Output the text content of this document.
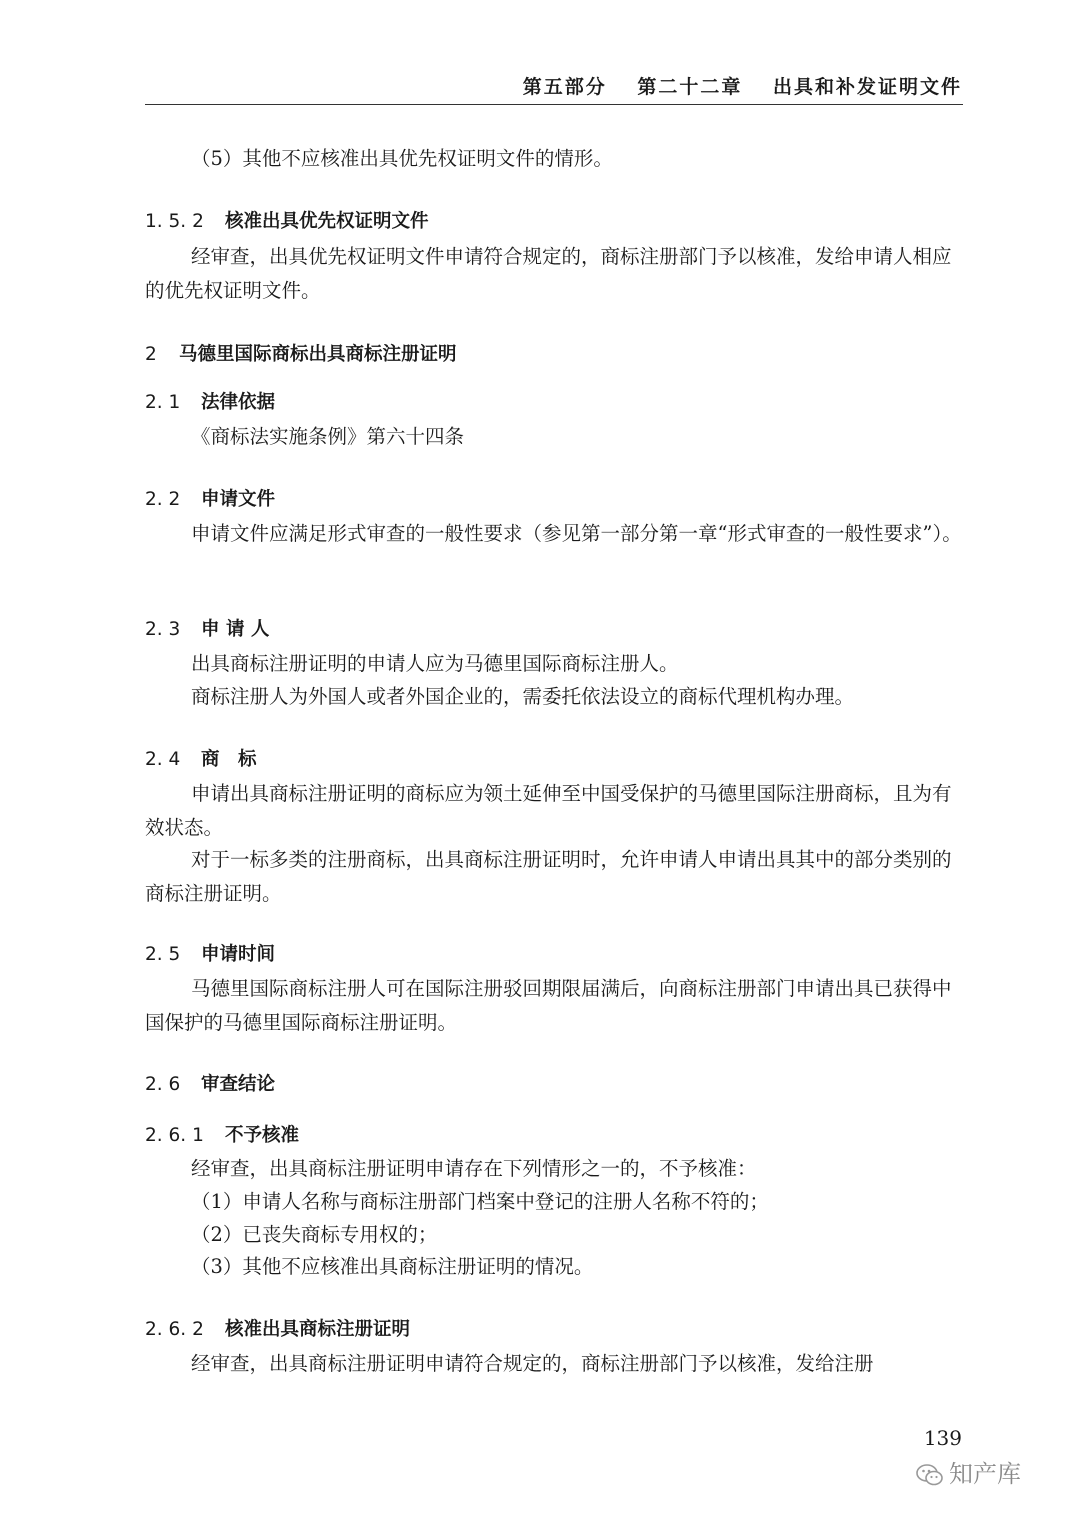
第五部分 第二十二章 出具和补发证明文件

（5）其他不应核准出具优先权证明文件的情形。

1. 5. 2 核准出具优先权证明文件

经审查，出具优先权证明文件申请符合规定的，商标注册部门予以核准，发给申请人相应的优先权证明文件。

2 马德里国际商标出具商标注册证明

2. 1 法律依据

《商标法实施条例》第六十四条

2. 2 申请文件

申请文件应满足形式审查的一般性要求（参见第一部分第一章“形式审查的一般性要求”）。

2. 3 申 请 人

出具商标注册证明的申请人应为马德里国际商标注册人。

商标注册人为外国人或者外国企业的，需委托依法设立的商标代理机构办理。

2. 4 商　标

申请出具商标注册证明的商标应为领土延伸至中国受保护的马德里国际注册商标，且为有效状态。

对于一标多类的注册商标，出具商标注册证明时，允许申请人申请出具其中的部分类别的商标注册证明。

2. 5 申请时间

马德里国际商标注册人可在国际注册驳回期限届满后，向商标注册部门申请出具已获得中国保护的马德里国际商标注册证明。

2. 6 审查结论

2. 6. 1 不予核准

经审查，出具商标注册证明申请存在下列情形之一的，不予核准：

（1）申请人名称与商标注册部门档案中登记的注册人名称不符的；

（2）已丧失商标专用权的；

（3）其他不应核准出具商标注册证明的情况。

2. 6. 2 核准出具商标注册证明

经审查，出具商标注册证明申请符合规定的，商标注册部门予以核准，发给注册

139
知产库
